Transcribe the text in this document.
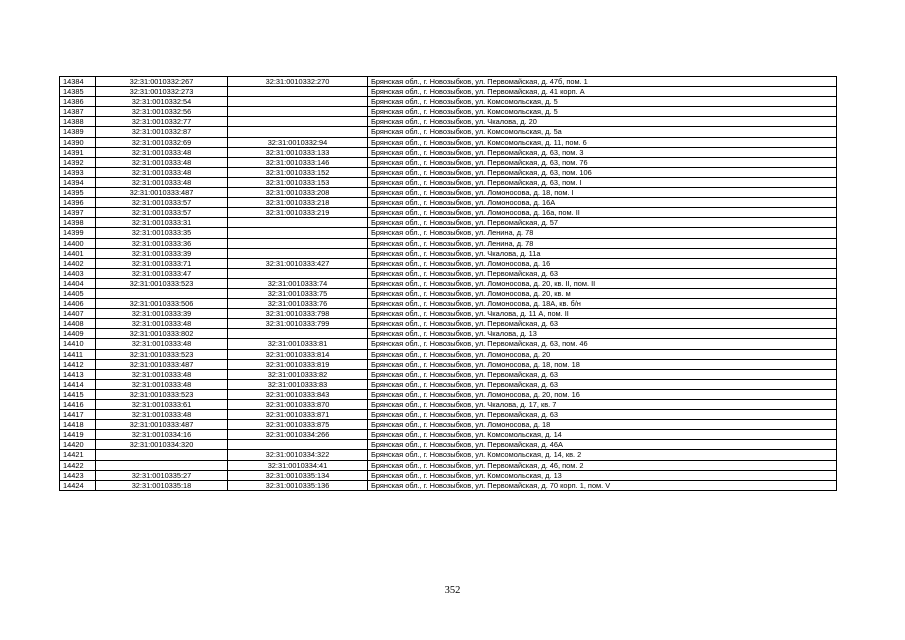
14384	32:31:0010332:267	32:31:0010332:270	Брянская обл., г. Новозыбков, ул. Первомайская, д. 47б, пом. 1
14385	32:31:0010332:273		Брянская обл., г. Новозыбков, ул. Первомайская, д. 41 корп. А
14386	32:31:0010332:54		Брянская обл., г. Новозыбков, ул. Комсомольская, д. 5
14387	32:31:0010332:56		Брянская обл., г. Новозыбков, ул. Комсомольская, д. 5
14388	32:31:0010332:77		Брянская обл., г. Новозыбков, ул. Чкалова, д. 20
14389	32:31:0010332:87		Брянская обл., г. Новозыбков, ул. Комсомольская, д. 5а
14390	32:31:0010332:69	32:31:0010332:94	Брянская обл., г. Новозыбков, ул. Комсомольская, д. 11, пом. 6
14391	32:31:0010333:48	32:31:0010333:133	Брянская обл., г. Новозыбков, ул. Первомайская, д. 63, пом. 3
14392	32:31:0010333:48	32:31:0010333:146	Брянская обл., г. Новозыбков, ул. Первомайская, д. 63, пом. 76
14393	32:31:0010333:48	32:31:0010333:152	Брянская обл., г. Новозыбков, ул. Первомайская, д. 63, пом. 106
14394	32:31:0010333:48	32:31:0010333:153	Брянская обл., г. Новозыбков, ул. Первомайская, д. 63, пом. I
14395	32:31:0010333:487	32:31:0010333:208	Брянская обл., г. Новозыбков, ул. Ломоносова, д. 18, пом. I
14396	32:31:0010333:57	32:31:0010333:218	Брянская обл., г. Новозыбков, ул. Ломоносова, д. 16А
14397	32:31:0010333:57	32:31:0010333:219	Брянская обл., г. Новозыбков, ул. Ломоносова, д. 16а, пом. II
14398	32:31:0010333:31		Брянская обл., г. Новозыбков, ул. Первомайская, д. 57
14399	32:31:0010333:35		Брянская обл., г. Новозыбков, ул. Ленина, д. 78
14400	32:31:0010333:36		Брянская обл., г. Новозыбков, ул. Ленина, д. 78
14401	32:31:0010333:39		Брянская обл., г. Новозыбков, ул. Чкалова, д. 11а
14402	32:31:0010333:71	32:31:0010333:427	Брянская обл., г. Новозыбков, ул. Ломоносова, д. 16
14403	32:31:0010333:47		Брянская обл., г. Новозыбков, ул. Первомайская, д. 63
14404	32:31:0010333:523	32:31:0010333:74	Брянская обл., г. Новозыбков, ул. Ломоносова, д. 20, кв. II, пом. II
14405		32:31:0010333:75	Брянская обл., г. Новозыбков, ул. Ломоносова, д. 20, кв. м
14406	32:31:0010333:506	32:31:0010333:76	Брянская обл., г. Новозыбков, ул. Ломоносова, д. 18А, кв. б/н
14407	32:31:0010333:39	32:31:0010333:798	Брянская обл., г. Новозыбков, ул. Чкалова, д. 11 А, пом. II
14408	32:31:0010333:48	32:31:0010333:799	Брянская обл., г. Новозыбков, ул. Первомайская, д. 63
14409	32:31:0010333:802		Брянская обл., г. Новозыбков, ул. Чкалова, д. 13
14410	32:31:0010333:48	32:31:0010333:81	Брянская обл., г. Новозыбков, ул. Первомайская, д. 63, пом. 46
14411	32:31:0010333:523	32:31:0010333:814	Брянская обл., г. Новозыбков, ул. Ломоносова, д. 20
14412	32:31:0010333:487	32:31:0010333:819	Брянская обл., г. Новозыбков, ул. Ломоносова, д. 18, пом. 18
14413	32:31:0010333:48	32:31:0010333:82	Брянская обл., г. Новозыбков, ул. Первомайская, д. 63
14414	32:31:0010333:48	32:31:0010333:83	Брянская обл., г. Новозыбков, ул. Первомайская, д. 63
14415	32:31:0010333:523	32:31:0010333:843	Брянская обл., г. Новозыбков, ул. Ломоносова, д. 20, пом. 16
14416	32:31:0010333:61	32:31:0010333:870	Брянская обл., г. Новозыбков, ул. Чкалова, д. 17, кв. 7
14417	32:31:0010333:48	32:31:0010333:871	Брянская обл., г. Новозыбков, ул. Первомайская, д. 63
14418	32:31:0010333:487	32:31:0010333:875	Брянская обл., г. Новозыбков, ул. Ломоносова, д. 18
14419	32:31:0010334:16	32:31:0010334:266	Брянская обл., г. Новозыбков, ул. Комсомольская, д. 14
14420	32:31:0010334:320		Брянская обл., г. Новозыбков, ул. Первомайская, д. 46А
14421		32:31:0010334:322	Брянская обл., г. Новозыбков, ул. Комсомольская, д. 14, кв. 2
14422		32:31:0010334:41	Брянская обл., г. Новозыбков, ул. Первомайская, д. 46, пом. 2
14423	32:31:0010335:27	32:31:0010335:134	Брянская обл., г. Новозыбков, ул. Комсомольская, д. 13
14424	32:31:0010335:18	32:31:0010335:136	Брянская обл., г. Новозыбков, ул. Первомайская, д. 70 корп. 1, пом. V
352
